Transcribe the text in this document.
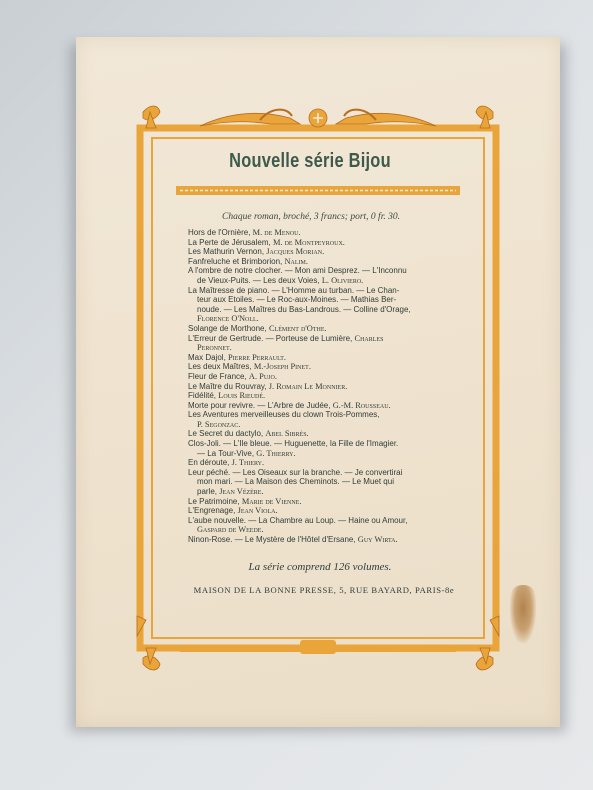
Nouvelle série Bijou
Chaque roman, broché, 3 francs; port, 0 fr. 30.
Hors de l'Ornière, M. de Menou.
La Perte de Jérusalem, M. de Montpeyroux.
Les Mathurin Vernon, Jacques Morian.
Fanfreluche et Brimborion, Nalim.
A l'ombre de notre clocher. — Mon ami Desprez. — L'Inconnu
de Vieux-Puits. — Les deux Voies, L. Oliviero.
La Maîtresse de piano. — L'Homme au turban. — Le Chan-
teur aux Etoiles. — Le Roc-aux-Moines. — Mathias Ber-
noude. — Les Maîtres du Bas-Landrous. — Colline d'Orage,
Florence O'Noll.
Solange de Morthone, Clément d'Othe.
L'Erreur de Gertrude. — Porteuse de Lumière, Charles
Peronnet.
Max Dajol, Pierre Perrault.
Les deux Maîtres, M.-Joseph Pinet.
Fleur de France, A. Pujo.
Le Maître du Rouvray, J. Romain Le Monnier.
Fidélité, Louis Rieudé.
Morte pour revivre. — L'Arbre de Judée, G.-M. Rousseau.
Les Aventures merveilleuses du clown Trois-Pommes,
P. Segonzac.
Le Secret du dactylo, Abel Sibrès.
Clos-Joli. — L'Ile bleue. — Huguenette, la Fille de l'Imagier.
— La Tour-Vive, G. Thierry.
En déroute, J. Thiery.
Leur péché. — Les Oiseaux sur la branche. — Je convertirai
mon mari. — La Maison des Cheminots. — Le Muet qui
parle, Jean Vézère.
Le Patrimoine, Marie de Vienne.
L'Engrenage, Jean Viola.
L'aube nouvelle. — La Chambre au Loup. — Haine ou Amour,
Gaspard de Weede.
Ninon-Rose. — Le Mystère de l'Hôtel d'Ersane, Guy Wirta.
La série comprend 126 volumes.
MAISON DE LA BONNE PRESSE, 5, RUE BAYARD, PARIS-8e
